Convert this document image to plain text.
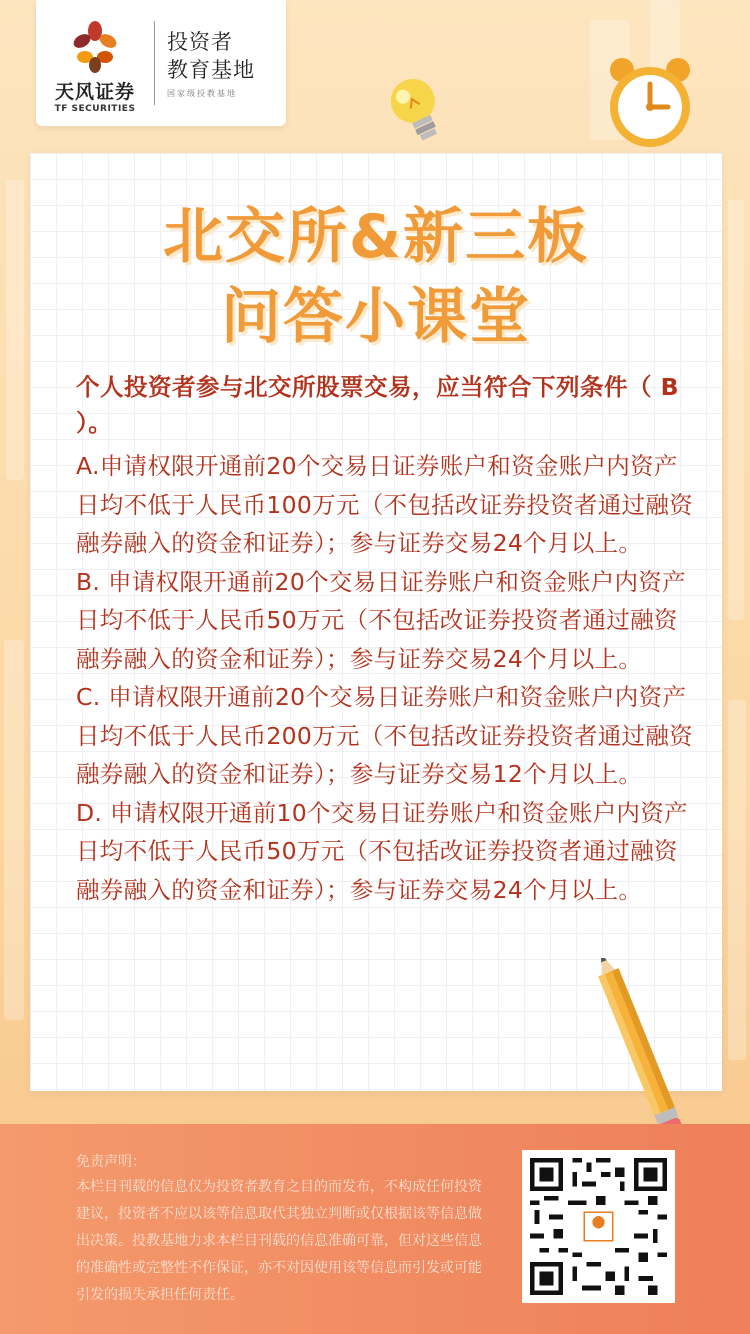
天风证券
TF SECURITIES
投资者
教育基地
国家级投教基地
北交所&新三板
问答小课堂
个人投资者参与北交所股票交易，应当符合下列条件（ B ）。
A.申请权限开通前20个交易日证券账户和资金账户内资产日均不低于人民币100万元（不包括改证券投资者通过融资融券融入的资金和证券）；参与证券交易24个月以上。
B. 申请权限开通前20个交易日证券账户和资金账户内资产日均不低于人民币50万元（不包括改证券投资者通过融资融券融入的资金和证券）；参与证券交易24个月以上。
C. 申请权限开通前20个交易日证券账户和资金账户内资产日均不低于人民币200万元（不包括改证券投资者通过融资融券融入的资金和证券）；参与证券交易12个月以上。
D. 申请权限开通前10个交易日证券账户和资金账户内资产日均不低于人民币50万元（不包括改证券投资者通过融资融券融入的资金和证券）；参与证券交易24个月以上。
免责声明：
本栏目刊载的信息仅为投资者教育之目的而发布，不构成任何投资建议，投资者不应以该等信息取代其独立判断或仅根据该等信息做出决策。投教基地力求本栏目刊载的信息准确可靠，但对这些信息的准确性或完整性不作保证，亦不对因使用该等信息而引发或可能引发的损失承担任何责任。
